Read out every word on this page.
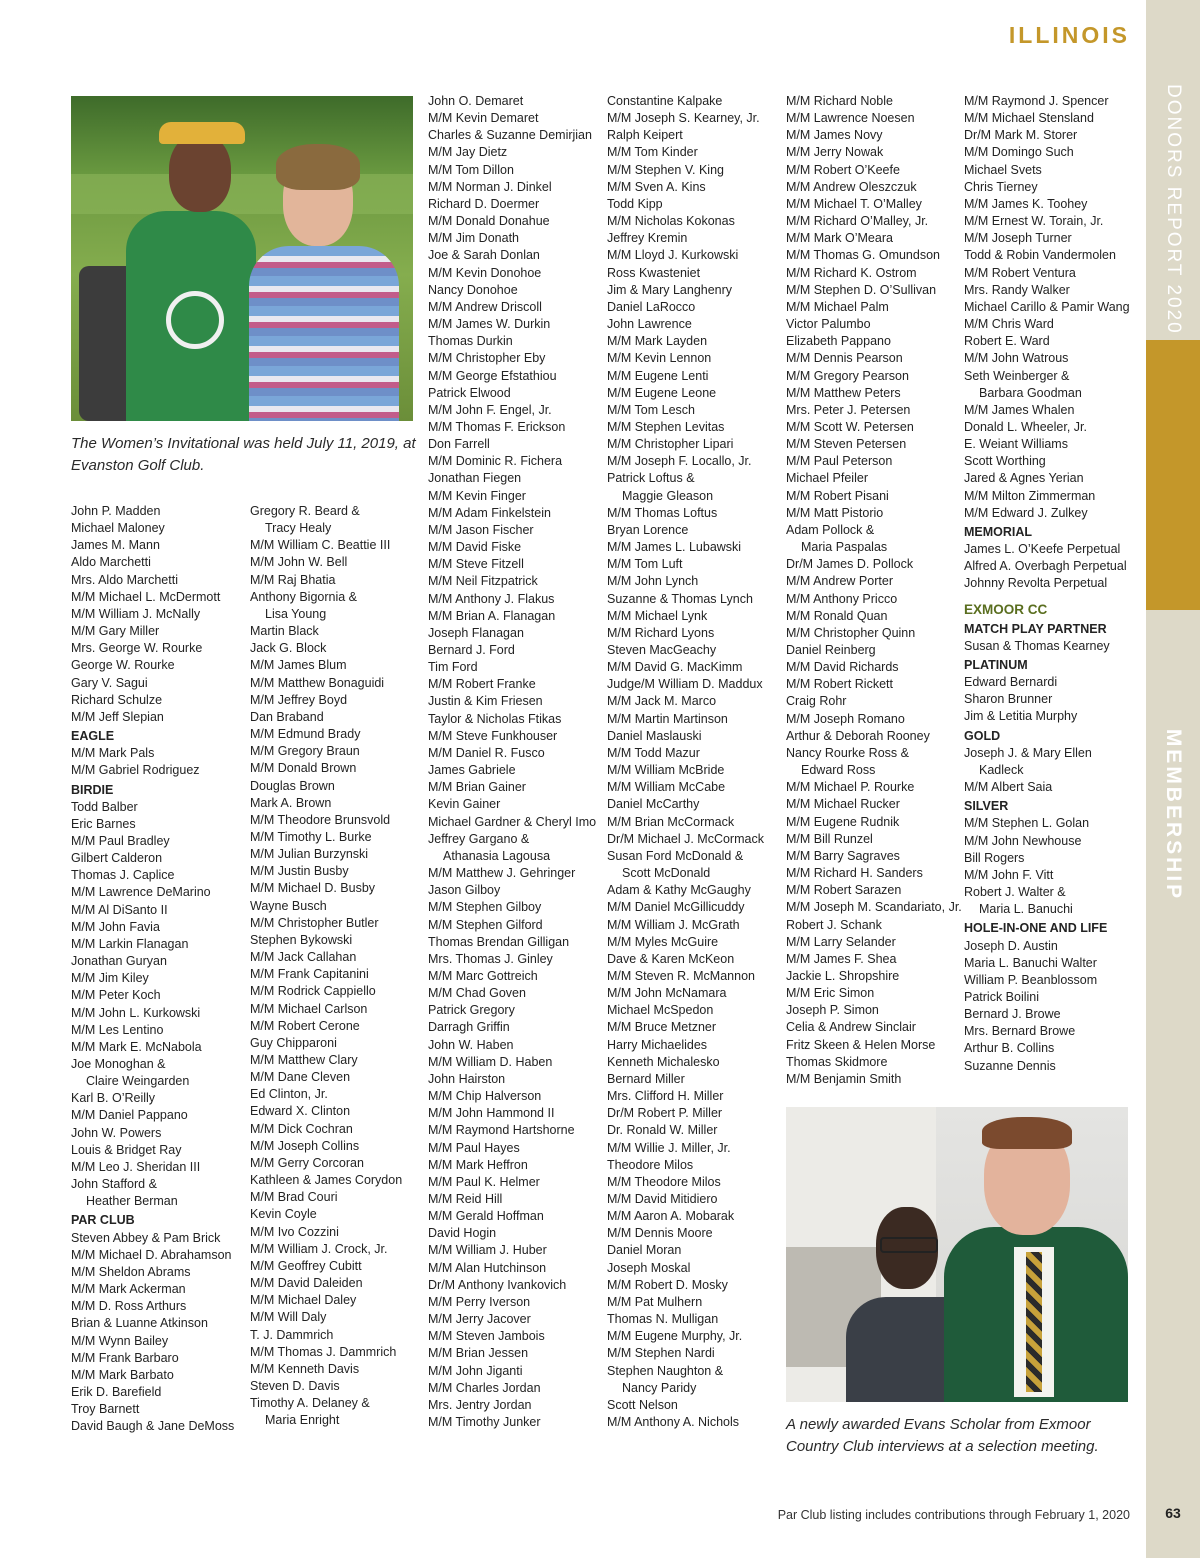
ILLINOIS
DONORS REPORT 2020
MEMBERSHIP
The Women’s Invitational was held July 11, 2019, at Evanston Golf Club.
John P. Madden
Michael Maloney
James M. Mann
Aldo Marchetti
Mrs. Aldo Marchetti
M/M Michael L. McDermott
M/M William J. McNally
M/M Gary Miller
Mrs. George W. Rourke
George W. Rourke
Gary V. Sagui
Richard Schulze
M/M Jeff Slepian
EAGLE
M/M Mark Pals
M/M Gabriel Rodriguez
BIRDIE
Todd Balber
Eric Barnes
M/M Paul Bradley
Gilbert Calderon
Thomas J. Caplice
M/M Lawrence DeMarino
M/M Al DiSanto II
M/M John Favia
M/M Larkin Flanagan
Jonathan Guryan
M/M Jim Kiley
M/M Peter Koch
M/M John L. Kurkowski
M/M Les Lentino
M/M Mark E. McNabola
Joe Monoghan &
Claire Weingarden
Karl B. O’Reilly
M/M Daniel Pappano
John W. Powers
Louis & Bridget Ray
M/M Leo J. Sheridan III
John Stafford &
Heather Berman
PAR CLUB
Steven Abbey & Pam Brick
M/M Michael D. Abrahamson
M/M Sheldon Abrams
M/M Mark Ackerman
M/M D. Ross Arthurs
Brian & Luanne Atkinson
M/M Wynn Bailey
M/M Frank Barbaro
M/M Mark Barbato
Erik D. Barefield
Troy Barnett
David Baugh & Jane DeMoss
Gregory R. Beard &
Tracy Healy
M/M William C. Beattie III
M/M John W. Bell
M/M Raj Bhatia
Anthony Bigornia &
Lisa Young
Martin Black
Jack G. Block
M/M James Blum
M/M Matthew Bonaguidi
M/M Jeffrey Boyd
Dan Braband
M/M Edmund Brady
M/M Gregory Braun
M/M Donald Brown
Douglas Brown
Mark A. Brown
M/M Theodore Brunsvold
M/M Timothy L. Burke
M/M Julian Burzynski
M/M Justin Busby
M/M Michael D. Busby
Wayne Busch
M/M Christopher Butler
Stephen Bykowski
M/M Jack Callahan
M/M Frank Capitanini
M/M Rodrick Cappiello
M/M Michael Carlson
M/M Robert Cerone
Guy Chipparoni
M/M Matthew Clary
M/M Dane Cleven
Ed Clinton, Jr.
Edward X. Clinton
M/M Dick Cochran
M/M Joseph Collins
M/M Gerry Corcoran
Kathleen & James Corydon
M/M Brad Couri
Kevin Coyle
M/M Ivo Cozzini
M/M William J. Crock, Jr.
M/M Geoffrey Cubitt
M/M David Daleiden
M/M Michael Daley
M/M Will Daly
T. J. Dammrich
M/M Thomas J. Dammrich
M/M Kenneth Davis
Steven D. Davis
Timothy A. Delaney &
Maria Enright
John O. Demaret
M/M Kevin Demaret
Charles & Suzanne Demirjian
M/M Jay Dietz
M/M Tom Dillon
M/M Norman J. Dinkel
Richard D. Doermer
M/M Donald Donahue
M/M Jim Donath
Joe & Sarah Donlan
M/M Kevin Donohoe
Nancy Donohoe
M/M Andrew Driscoll
M/M James W. Durkin
Thomas Durkin
M/M Christopher Eby
M/M George Efstathiou
Patrick Elwood
M/M John F. Engel, Jr.
M/M Thomas F. Erickson
Don Farrell
M/M Dominic R. Fichera
Jonathan Fiegen
M/M Kevin Finger
M/M Adam Finkelstein
M/M Jason Fischer
M/M David Fiske
M/M Steve Fitzell
M/M Neil Fitzpatrick
M/M Anthony J. Flakus
M/M Brian A. Flanagan
Joseph Flanagan
Bernard J. Ford
Tim Ford
M/M Robert Franke
Justin & Kim Friesen
Taylor & Nicholas Ftikas
M/M Steve Funkhouser
M/M Daniel R. Fusco
James Gabriele
M/M Brian Gainer
Kevin Gainer
Michael Gardner & Cheryl Imo
Jeffrey Gargano &
Athanasia Lagousa
M/M Matthew J. Gehringer
Jason Gilboy
M/M Stephen Gilboy
M/M Stephen Gilford
Thomas Brendan Gilligan
Mrs. Thomas J. Ginley
M/M Marc Gottreich
M/M Chad Goven
Patrick Gregory
Darragh Griffin
John W. Haben
M/M William D. Haben
John Hairston
M/M Chip Halverson
M/M John Hammond II
M/M Raymond Hartshorne
M/M Paul Hayes
M/M Mark Heffron
M/M Paul K. Helmer
M/M Reid Hill
M/M Gerald Hoffman
David Hogin
M/M William J. Huber
M/M Alan Hutchinson
Dr/M Anthony Ivankovich
M/M Perry Iverson
M/M Jerry Jacover
M/M Steven Jambois
M/M Brian Jessen
M/M John Jiganti
M/M Charles Jordan
Mrs. Jentry Jordan
M/M Timothy Junker
Constantine Kalpake
M/M Joseph S. Kearney, Jr.
Ralph Keipert
M/M Tom Kinder
M/M Stephen V. King
M/M Sven A. Kins
Todd Kipp
M/M Nicholas Kokonas
Jeffrey Kremin
M/M Lloyd J. Kurkowski
Ross Kwasteniet
Jim & Mary Langhenry
Daniel LaRocco
John Lawrence
M/M Mark Layden
M/M Kevin Lennon
M/M Eugene Lenti
M/M Eugene Leone
M/M Tom Lesch
M/M Stephen Levitas
M/M Christopher Lipari
M/M Joseph F. Locallo, Jr.
Patrick Loftus &
Maggie Gleason
M/M Thomas Loftus
Bryan Lorence
M/M James L. Lubawski
M/M Tom Luft
M/M John Lynch
Suzanne & Thomas Lynch
M/M Michael Lynk
M/M Richard Lyons
Steven MacGeachy
M/M David G. MacKimm
Judge/M William D. Maddux
M/M Jack M. Marco
M/M Martin Martinson
Daniel Maslauski
M/M Todd Mazur
M/M William McBride
M/M William McCabe
Daniel McCarthy
M/M Brian McCormack
Dr/M Michael J. McCormack
Susan Ford McDonald &
Scott McDonald
Adam & Kathy McGaughy
M/M Daniel McGillicuddy
M/M William J. McGrath
M/M Myles McGuire
Dave & Karen McKeon
M/M Steven R. McMannon
M/M John McNamara
Michael McSpedon
M/M Bruce Metzner
Harry Michaelides
Kenneth Michalesko
Bernard Miller
Mrs. Clifford H. Miller
Dr/M Robert P. Miller
Dr. Ronald W. Miller
M/M Willie J. Miller, Jr.
Theodore Milos
M/M Theodore Milos
M/M David Mitidiero
M/M Aaron A. Mobarak
M/M Dennis Moore
Daniel Moran
Joseph Moskal
M/M Robert D. Mosky
M/M Pat Mulhern
Thomas N. Mulligan
M/M Eugene Murphy, Jr.
M/M Stephen Nardi
Stephen Naughton &
Nancy Paridy
Scott Nelson
M/M Anthony A. Nichols
M/M Richard Noble
M/M Lawrence Noesen
M/M James Novy
M/M Jerry Nowak
M/M Robert O’Keefe
M/M Andrew Oleszczuk
M/M Michael T. O’Malley
M/M Richard O’Malley, Jr.
M/M Mark O’Meara
M/M Thomas G. Omundson
M/M Richard K. Ostrom
M/M Stephen D. O’Sullivan
M/M Michael Palm
Victor Palumbo
Elizabeth Pappano
M/M Dennis Pearson
M/M Gregory Pearson
M/M Matthew Peters
Mrs. Peter J. Petersen
M/M Scott W. Petersen
M/M Steven Petersen
M/M Paul Peterson
Michael Pfeiler
M/M Robert Pisani
M/M Matt Pistorio
Adam Pollock &
Maria Paspalas
Dr/M James D. Pollock
M/M Andrew Porter
M/M Anthony Pricco
M/M Ronald Quan
M/M Christopher Quinn
Daniel Reinberg
M/M David Richards
M/M Robert Rickett
Craig Rohr
M/M Joseph Romano
Arthur & Deborah Rooney
Nancy Rourke Ross &
Edward Ross
M/M Michael P. Rourke
M/M Michael Rucker
M/M Eugene Rudnik
M/M Bill Runzel
M/M Barry Sagraves
M/M Richard H. Sanders
M/M Robert Sarazen
M/M Joseph M. Scandariato, Jr.
Robert J. Schank
M/M Larry Selander
M/M James F. Shea
Jackie L. Shropshire
M/M Eric Simon
Joseph P. Simon
Celia & Andrew Sinclair
Fritz Skeen & Helen Morse
Thomas Skidmore
M/M Benjamin Smith
M/M Raymond J. Spencer
M/M Michael Stensland
Dr/M Mark M. Storer
M/M Domingo Such
Michael Svets
Chris Tierney
M/M James K. Toohey
M/M Ernest W. Torain, Jr.
M/M Joseph Turner
Todd & Robin Vandermolen
M/M Robert Ventura
Mrs. Randy Walker
Michael Carillo & Pamir Wang
M/M Chris Ward
Robert E. Ward
M/M John Watrous
Seth Weinberger &
Barbara Goodman
M/M James Whalen
Donald L. Wheeler, Jr.
E. Weiant Williams
Scott Worthing
Jared & Agnes Yerian
M/M Milton Zimmerman
M/M Edward J. Zulkey
MEMORIAL
James L. O’Keefe Perpetual
Alfred A. Overbagh Perpetual
Johnny Revolta Perpetual
EXMOOR CC
MATCH PLAY PARTNER
Susan & Thomas Kearney
PLATINUM
Edward Bernardi
Sharon Brunner
Jim & Letitia Murphy
GOLD
Joseph J. & Mary Ellen
Kadleck
M/M Albert Saia
SILVER
M/M Stephen L. Golan
M/M John Newhouse
Bill Rogers
M/M John F. Vitt
Robert J. Walter &
Maria L. Banuchi
HOLE-IN-ONE AND LIFE
Joseph D. Austin
Maria L. Banuchi Walter
William P. Beanblossom
Patrick Boilini
Bernard J. Browe
Mrs. Bernard Browe
Arthur B. Collins
Suzanne Dennis
A newly awarded Evans Scholar from Exmoor Country Club interviews at a selection meeting.
Par Club listing includes contributions through February 1, 2020	63
